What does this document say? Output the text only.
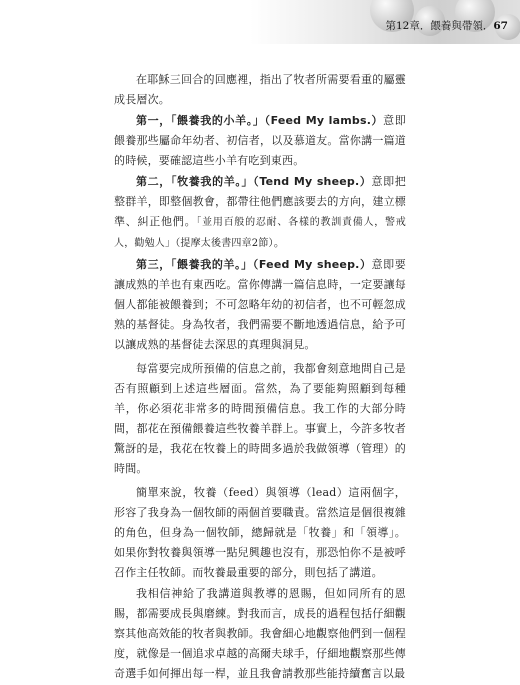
第12章．餵養與帶領．67

在耶穌三回合的回應裡，指出了牧者所需要看重的屬靈成長層次。

第一，「餵養我的小羊。」（Feed My lambs.）意即餵養那些屬命年幼者、初信者，以及慕道友。當你講一篇道的時候，要確認這些小羊有吃到東西。

第二，「牧養我的羊。」（Tend My sheep.）意即把整群羊，即整個教會，都帶往他們應該要去的方向，建立標準、糾正他們。「並用百般的忍耐、各樣的教訓責備人，警戒人，勸勉人」（提摩太後書四章2節）。

第三，「餵養我的羊。」（Feed My sheep.）意即要讓成熟的羊也有東西吃。當你傳講一篇信息時，一定要讓每個人都能被餵養到；不可忽略年幼的初信者，也不可輕忽成熟的基督徒。身為牧者，我們需要不斷地透過信息，給予可以讓成熟的基督徒去深思的真理與洞見。

每當要完成所預備的信息之前，我都會刻意地問自己是否有照顧到上述這些層面。當然，為了要能夠照顧到每種羊，你必須花非常多的時間預備信息。我工作的大部分時間，都花在預備餵養這些牧養羊群上。事實上，今許多牧者驚訝的是，我花在牧養上的時間多過於我做領導（管理）的時間。

簡單來說，牧養（feed）與領導（lead）這兩個字，形容了我身為一個牧師的兩個首要職責。當然這是個很複雜的角色，但身為一個牧師，總歸就是「牧養」和「領導」。如果你對牧養與領導一點兒興趣也沒有，那恐怕你不是被呼召作主任牧師。而牧養最重要的部分，則包括了講道。

我相信神給了我講道與教導的恩賜，但如同所有的恩賜，都需要成長與磨練。對我而言，成長的過程包括仔細觀察其他高效能的牧者與教師。我會細心地觀察他們到一個程度，就像是一個追求卓越的高爾夫球手，仔細地觀察那些傳奇選手如何揮出每一桿，並且我會請教那些能持續奮言以最
